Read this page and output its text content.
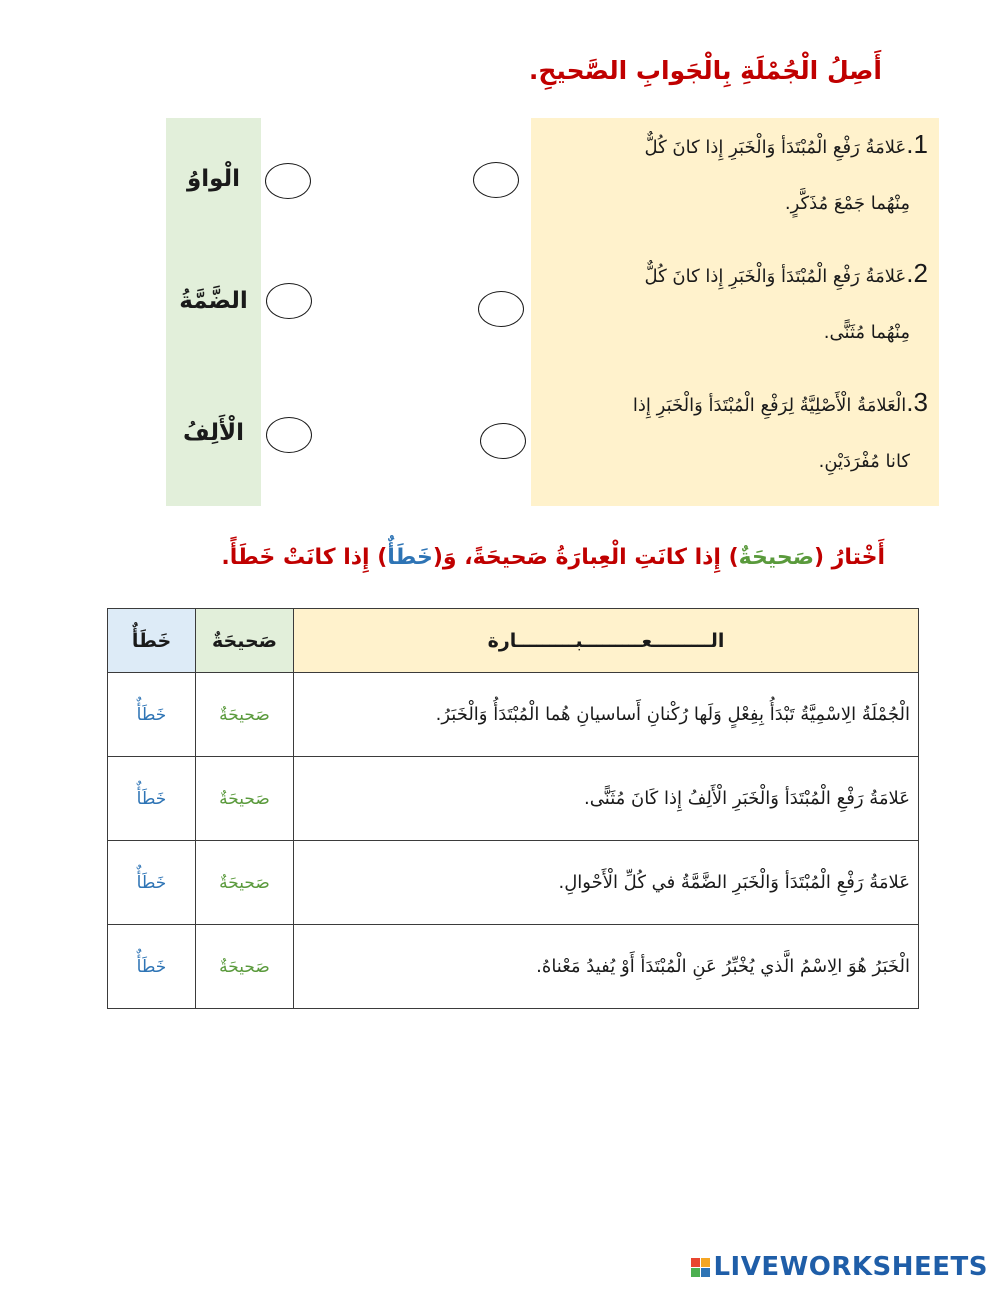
أَصِلُ الْجُمْلَةِ بِالْجَوابِ الصَّحيحِ.
الْواوُ
الضَّمَّةُ
الْأَلِفُ
1.عَلامَةُ رَفْعِ الْمُبْتَدَأ وَالْخَبَرِ إِذا كانَ كُلٌّ
مِنْهُما جَمْعَ مُذَكَّرٍ.
2.عَلامَةُ رَفْعِ الْمُبْتَدَأ وَالْخَبَرِ إِذا كانَ كُلٌّ
مِنْهُما مُثَنًّى.
3.الْعَلامَةُ الْأَصْلِيَّةُ لِرَفْعِ الْمُبْتَدَأ وَالْخَبَرِ إِذا
كانا مُفْرَدَيْنِ.
أَخْتارُ (صَحيحَةٌ) إِذا كانَتِ الْعِبارَةُ صَحيحَةً، وَ(خَطَأٌ) إِذا كانَتْ خَطَأً.
الـــــــــعـــــــــبـــــــــارة	صَحيحَةٌ	خَطَأٌ
الْجُمْلَةُ الِاسْمِيَّةُ تَبْدَأُ بِفِعْلٍ وَلَها رُكْنانِ أَساسيانِ هُما الْمُبْتَدَأُ وَالْخَبَرُ.	صَحيحَةٌ	خَطَأٌ
عَلامَةُ رَفْعِ الْمُبْتَدَأ وَالْخَبَرِ الْأَلِفُ إِذا كَانَ مُثَنًّى.	صَحيحَةٌ	خَطَأٌ
عَلامَةُ رَفْعِ الْمُبْتَدَأ وَالْخَبَرِ الضَّمَّةُ في كُلِّ الْأَحْوالِ.	صَحيحَةٌ	خَطَأٌ
الْخَبَرُ هُوَ الِاسْمُ الَّذي يُخْبِّرُ عَنِ الْمُبْتَدَأ أَوْ يُفيدُ مَعْناهُ.	صَحيحَةٌ	خَطَأٌ
LIVEWORKSHEETS
